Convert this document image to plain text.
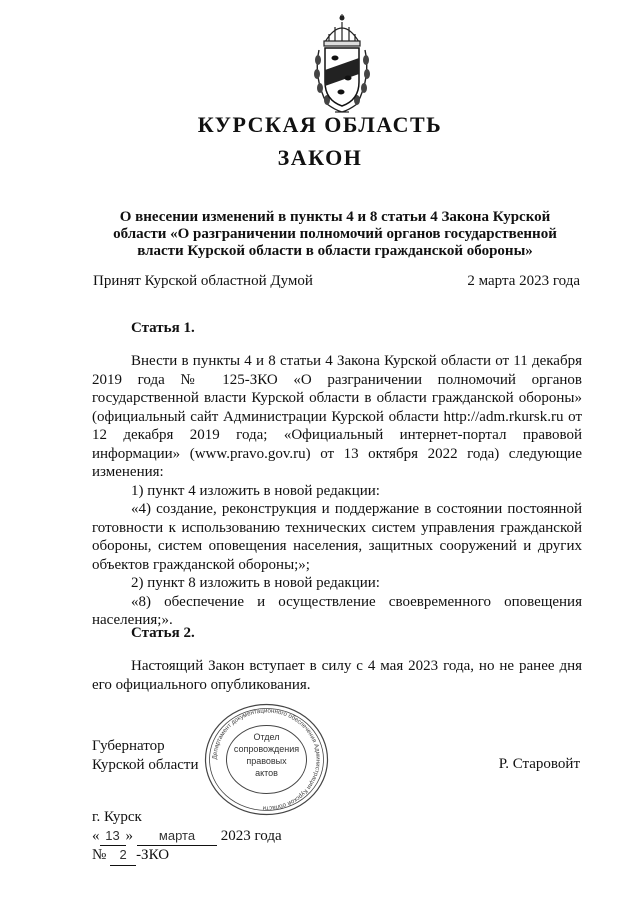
КУРСКАЯ ОБЛАСТЬ
ЗАКОН
О внесении изменений в пункты 4 и 8 статьи 4 Закона Курской
области «О разграничении полномочий органов государственной
власти Курской области в области гражданской обороны»
Принят Курской областной Думой	2 марта 2023 года
Статья 1.
Внести в пункты 4 и 8 статьи 4 Закона Курской области от 11 декабря 2019 года № 125-ЗКО «О разграничении полномочий органов государственной власти Курской области в области гражданской обороны» (официальный сайт Администрации Курской области http://adm.rkursk.ru от 12 декабря 2019 года; «Официальный интернет-портал правовой информации» (www.pravo.gov.ru) от 13 октября 2022 года) следующие изменения:
1) пункт 4 изложить в новой редакции:
«4) создание, реконструкция и поддержание в состоянии постоянной готовности к использованию технических систем управления гражданской обороны, систем оповещения населения, защитных сооружений и других объектов гражданской обороны;»;
2) пункт 8 изложить в новой редакции:
«8) обеспечение и осуществление своевременного оповещения населения;».
Статья 2.
Настоящий Закон вступает в силу с 4 мая 2023 года, но не ранее дня его официального опубликования.
Губернатор
Курской области Департамент документационного обеспечения Администрации Курской области
Отдел
сопровождения
правовых
актов
Р. Старовойт
г. Курск
« 13 » марта 2023 года
№ 2 -ЗКО
